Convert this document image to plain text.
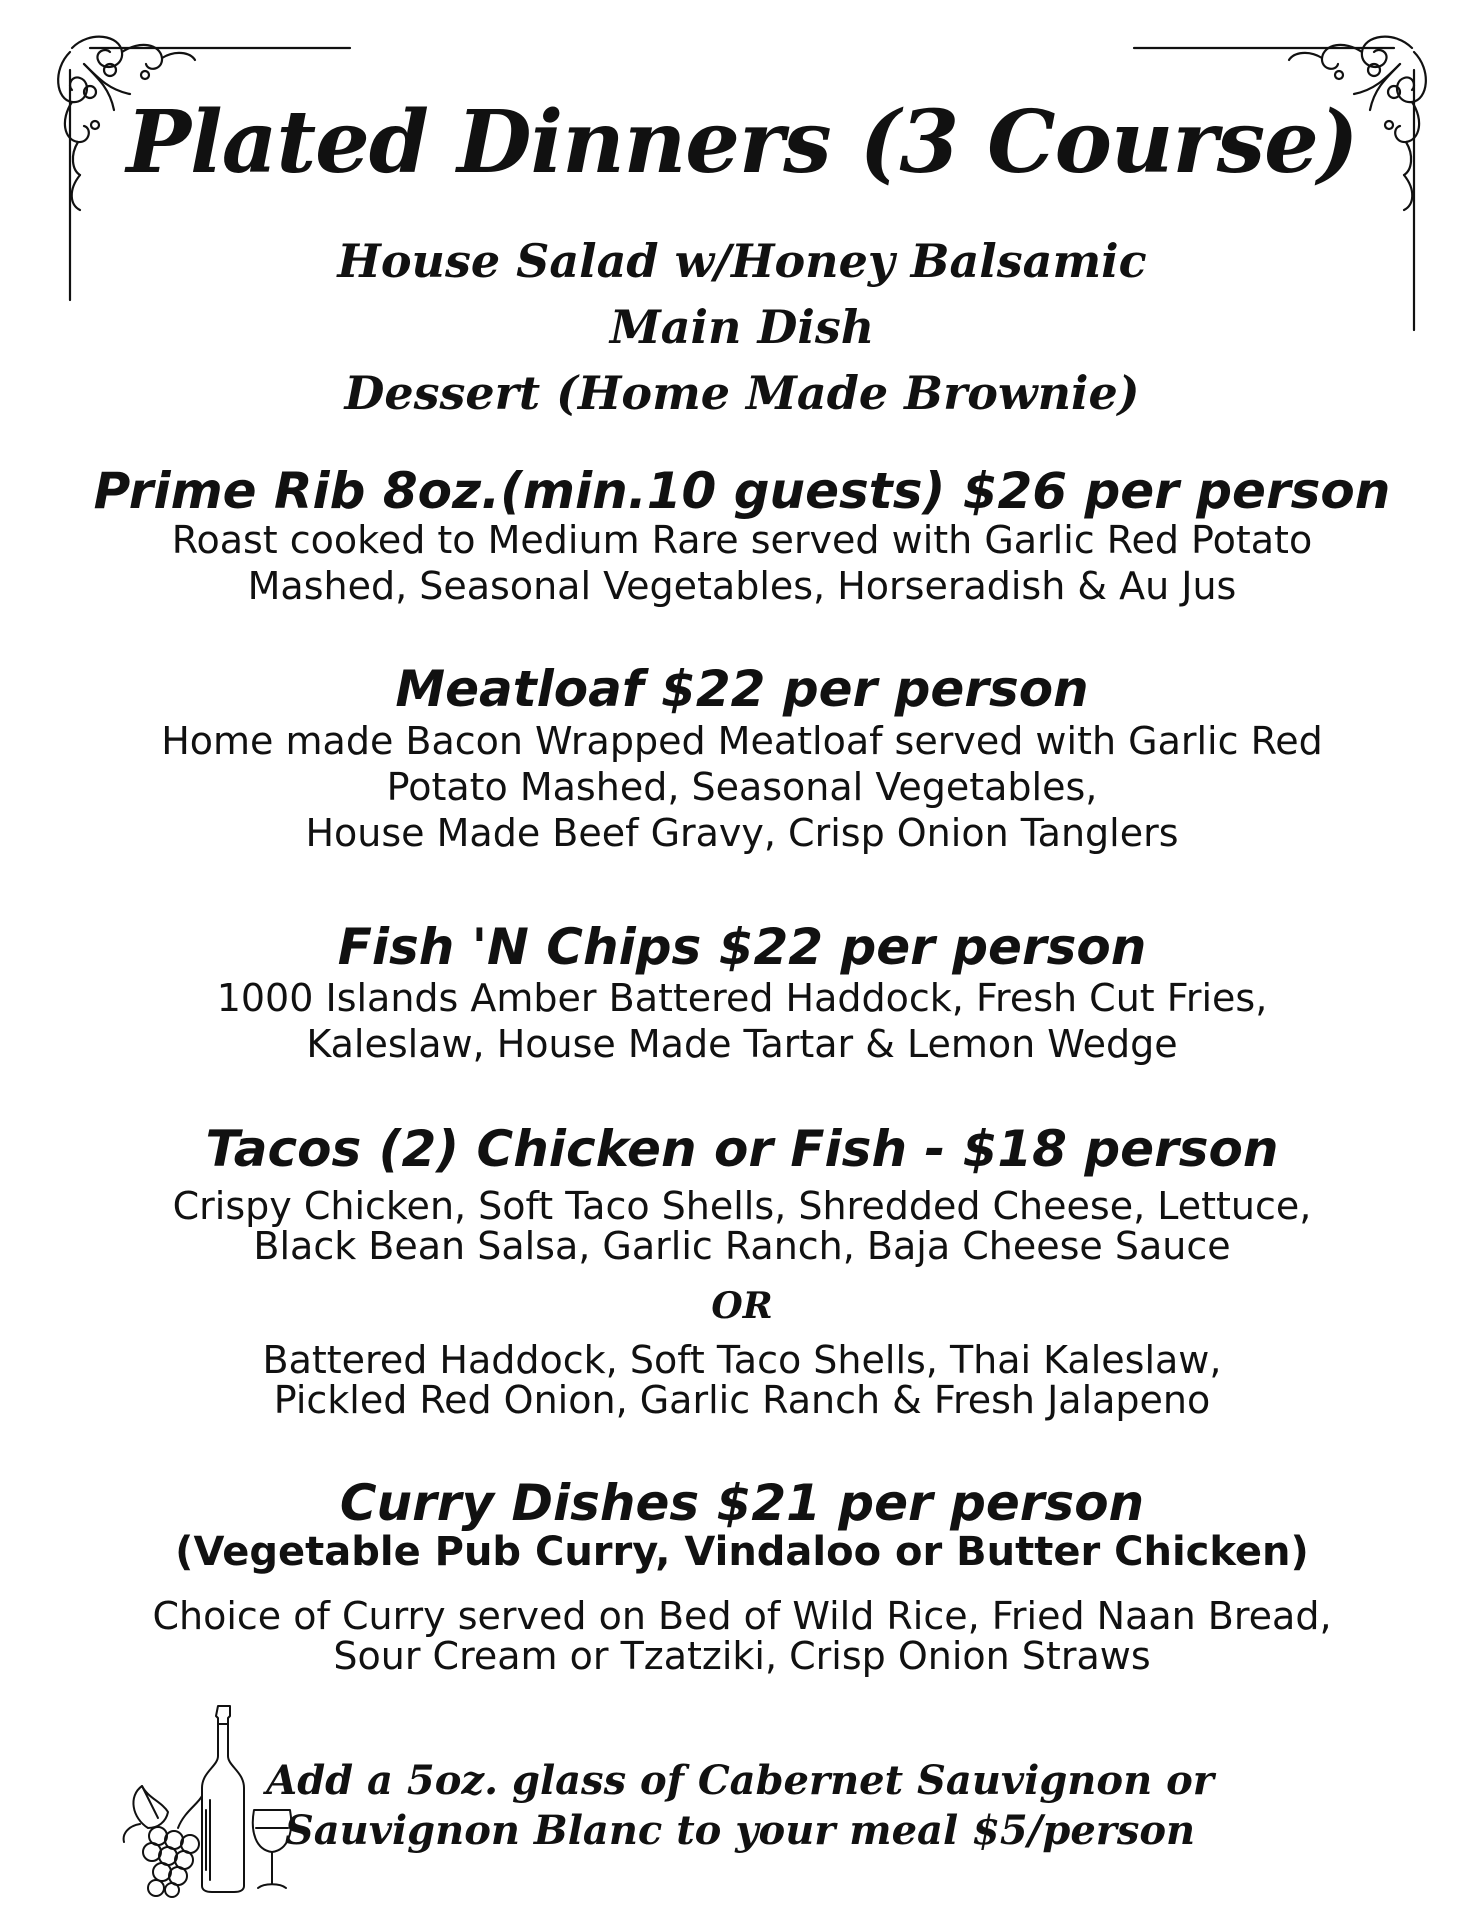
Plated Dinners (3 Course)
House Salad w/Honey Balsamic
Main Dish
Dessert (Home Made Brownie)
Prime Rib 8oz.(min.10 guests) $26 per person
Roast cooked to Medium Rare served with Garlic Red Potato
Mashed, Seasonal Vegetables, Horseradish & Au Jus
Meatloaf $22 per person
Home made Bacon Wrapped Meatloaf served with Garlic Red
Potato Mashed, Seasonal Vegetables,
House Made Beef Gravy, Crisp Onion Tanglers
Fish 'N Chips $22 per person
1000 Islands Amber Battered Haddock, Fresh Cut Fries,
Kaleslaw, House Made Tartar & Lemon Wedge
Tacos (2) Chicken or Fish - $18 person
Crispy Chicken, Soft Taco Shells, Shredded Cheese, Lettuce,
Black Bean Salsa, Garlic Ranch, Baja Cheese Sauce
OR
Battered Haddock, Soft Taco Shells, Thai Kaleslaw,
Pickled Red Onion, Garlic Ranch & Fresh Jalapeno
Curry Dishes $21 per person
(Vegetable Pub Curry, Vindaloo or Butter Chicken)
Choice of Curry served on Bed of Wild Rice, Fried Naan Bread,
Sour Cream or Tzatziki, Crisp Onion Straws
Add a 5oz. glass of Cabernet Sauvignon or
Sauvignon Blanc to your meal $5/person
